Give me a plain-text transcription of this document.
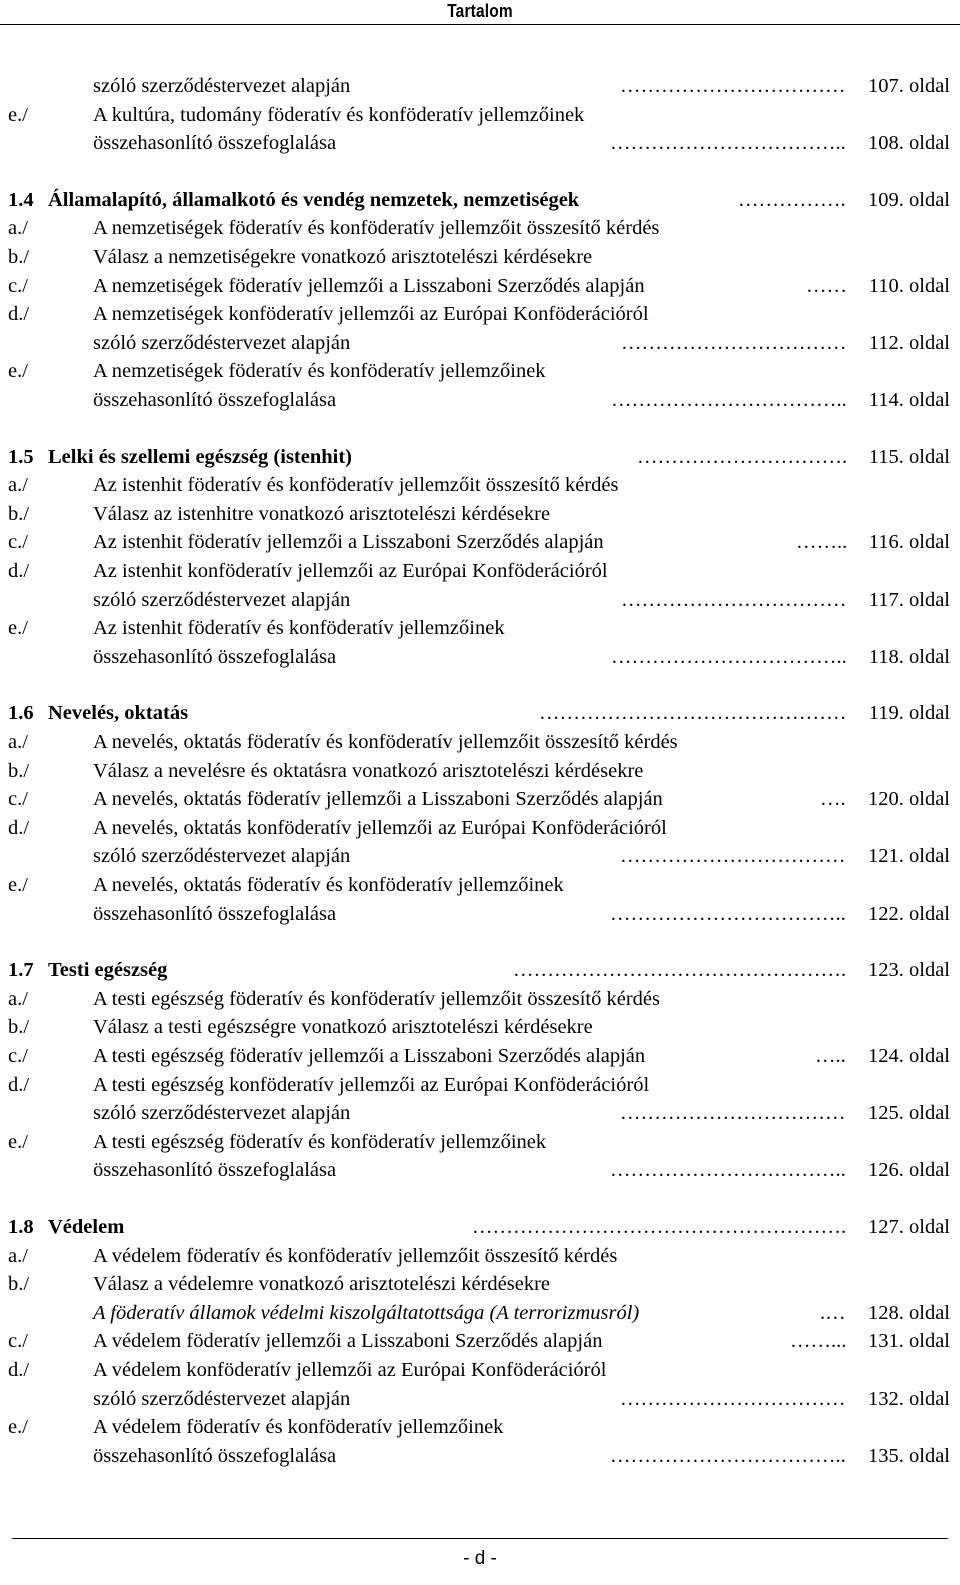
Tartalom
szóló szerződéstervezet alapján	…………………………… 107. oldal
e./	A kultúra, tudomány föderatív és konföderatív jellemzőinek
összehasonlító összefoglalása	…………………………….. 108. oldal
1.4 Államalapító, államalkotó és vendég nemzetek, nemzetiségek	……………. 109. oldal
a./	A nemzetiségek föderatív és konföderatív jellemzőit összesítő kérdés
b./	Válasz a nemzetiségekre vonatkozó arisztotelészi kérdésekre
c./	A nemzetiségek föderatív jellemzői a Lisszaboni Szerződés alapján	…… 110. oldal
d./	A nemzetiségek konföderatív jellemzői az Európai Konföderációról
szóló szerződéstervezet alapján	…………………………… 112. oldal
e./	A nemzetiségek föderatív és konföderatív jellemzőinek
összehasonlító összefoglalása	…………………………….. 114. oldal
1.5 Lelki és szellemi egészség (istenhit)	…………………………. 115. oldal
a./	Az istenhit föderatív és konföderatív jellemzőit összesítő kérdés
b./	Válasz az istenhitre vonatkozó arisztotelészi kérdésekre
c./	Az istenhit föderatív jellemzői a Lisszaboni Szerződés alapján	…….. 116. oldal
d./	Az istenhit konföderatív jellemzői az Európai Konföderációról
szóló szerződéstervezet alapján	…………………………… 117. oldal
e./	Az istenhit föderatív és konföderatív jellemzőinek
összehasonlító összefoglalása	…………………………….. 118. oldal
1.6 Nevelés, oktatás	……………………………………… 119. oldal
a./	A nevelés, oktatás föderatív és konföderatív jellemzőit összesítő kérdés
b./	Válasz a nevelésre és oktatásra vonatkozó arisztotelészi kérdésekre
c./	A nevelés, oktatás föderatív jellemzői a Lisszaboni Szerződés alapján	…. 120. oldal
d./	A nevelés, oktatás konföderatív jellemzői az Európai Konföderációról
szóló szerződéstervezet alapján	…………………………… 121. oldal
e./	A nevelés, oktatás föderatív és konföderatív jellemzőinek
összehasonlító összefoglalása	…………………………….. 122. oldal
1.7 Testi egészség	…………………………………………. 123. oldal
a./	A testi egészség föderatív és konföderatív jellemzőit összesítő kérdés
b./	Válasz a testi egészségre vonatkozó arisztotelészi kérdésekre
c./	A testi egészség föderatív jellemzői a Lisszaboni Szerződés alapján	….. 124. oldal
d./	A testi egészség konföderatív jellemzői az Európai Konföderációról
szóló szerződéstervezet alapján	…………………………… 125. oldal
e./	A testi egészség föderatív és konföderatív jellemzőinek
összehasonlító összefoglalása	…………………………….. 126. oldal
1.8 Védelem	………………………………………………. 127. oldal
a./	A védelem föderatív és konföderatív jellemzőit összesítő kérdés
b./	Válasz a védelemre vonatkozó arisztotelészi kérdésekre
A föderatív államok védelmi kiszolgáltatottsága (A terrorizmusról)	.… 128. oldal
c./	A védelem föderatív jellemzői a Lisszaboni Szerződés alapján	……... 131. oldal
d./	A védelem konföderatív jellemzői az Európai Konföderációról
szóló szerződéstervezet alapján	…………………………… 132. oldal
e./	A védelem föderatív és konföderatív jellemzőinek
összehasonlító összefoglalása	…………………………….. 135. oldal
- d -
